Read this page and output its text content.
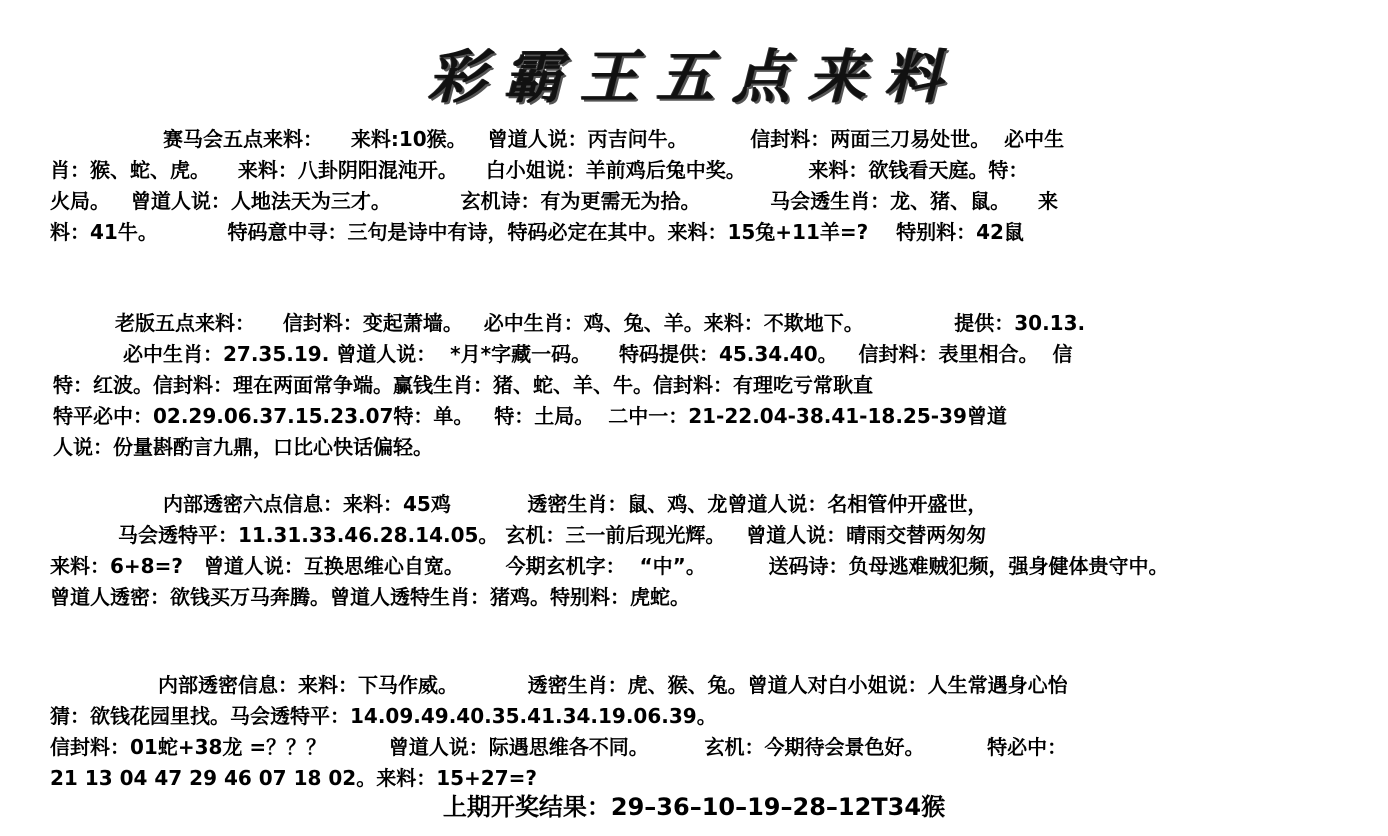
彩霸王五点来料
赛马会五点来料：    来料:10猴。   曾道人说：丙吉问牛。         信封料：两面三刀易处世。  必中生
肖：猴、蛇、虎。    来料：八卦阴阳混沌开。    白小姐说：羊前鸡后兔中奖。         来料：欲钱看天庭。特：
火局。   曾道人说：人地法天为三才。          玄机诗：有为更需无为拾。          马会透生肖：龙、猪、鼠。    来
料：41牛。          特码意中寻：三句是诗中有诗，特码必定在其中。来料：15兔+11羊=?    特别料：42鼠
老版五点来料：    信封料：变起萧墙。   必中生肖：鸡、兔、羊。来料：不欺地下。             提供：30.13.
必中生肖：27.35.19. 曾道人说：  *月*字藏一码。    特码提供：45.34.40。   信封料：表里相合。  信
特：红波。信封料：理在两面常争端。赢钱生肖：猪、蛇、羊、牛。信封料：有理吃亏常耿直
特平必中：02.29.06.37.15.23.07特：单。   特：土局。  二中一：21-22.04-38.41-18.25-39曾道
人说：份量斟酌言九鼎，口比心快话偏轻。
内部透密六点信息：来料：45鸡           透密生肖：鼠、鸡、龙曾道人说：名相管仲开盛世，
马会透特平：11.31.33.46.28.14.05。 玄机：三一前后现光辉。   曾道人说：晴雨交替两匆匆
来料：6+8=?   曾道人说：互换思维心自宽。      今期玄机字：  “中”。         送码诗：负母逃难贼犯频，强身健体贵守中。
曾道人透密：欲钱买万马奔腾。曾道人透特生肖：猪鸡。特别料：虎蛇。
内部透密信息：来料：下马作威。          透密生肖：虎、猴、兔。曾道人对白小姐说：人生常遇身心怡
猜：欲钱花园里找。马会透特平：14.09.49.40.35.41.34.19.06.39。
信封料：01蛇+38龙 =？？？         曾道人说：际遇思维各不同。        玄机：今期待会景色好。         特必中：
21 13 04 47 29 46 07 18 02。来料：15+27=?
上期开奖结果：29–36–10–19–28–12T34猴
